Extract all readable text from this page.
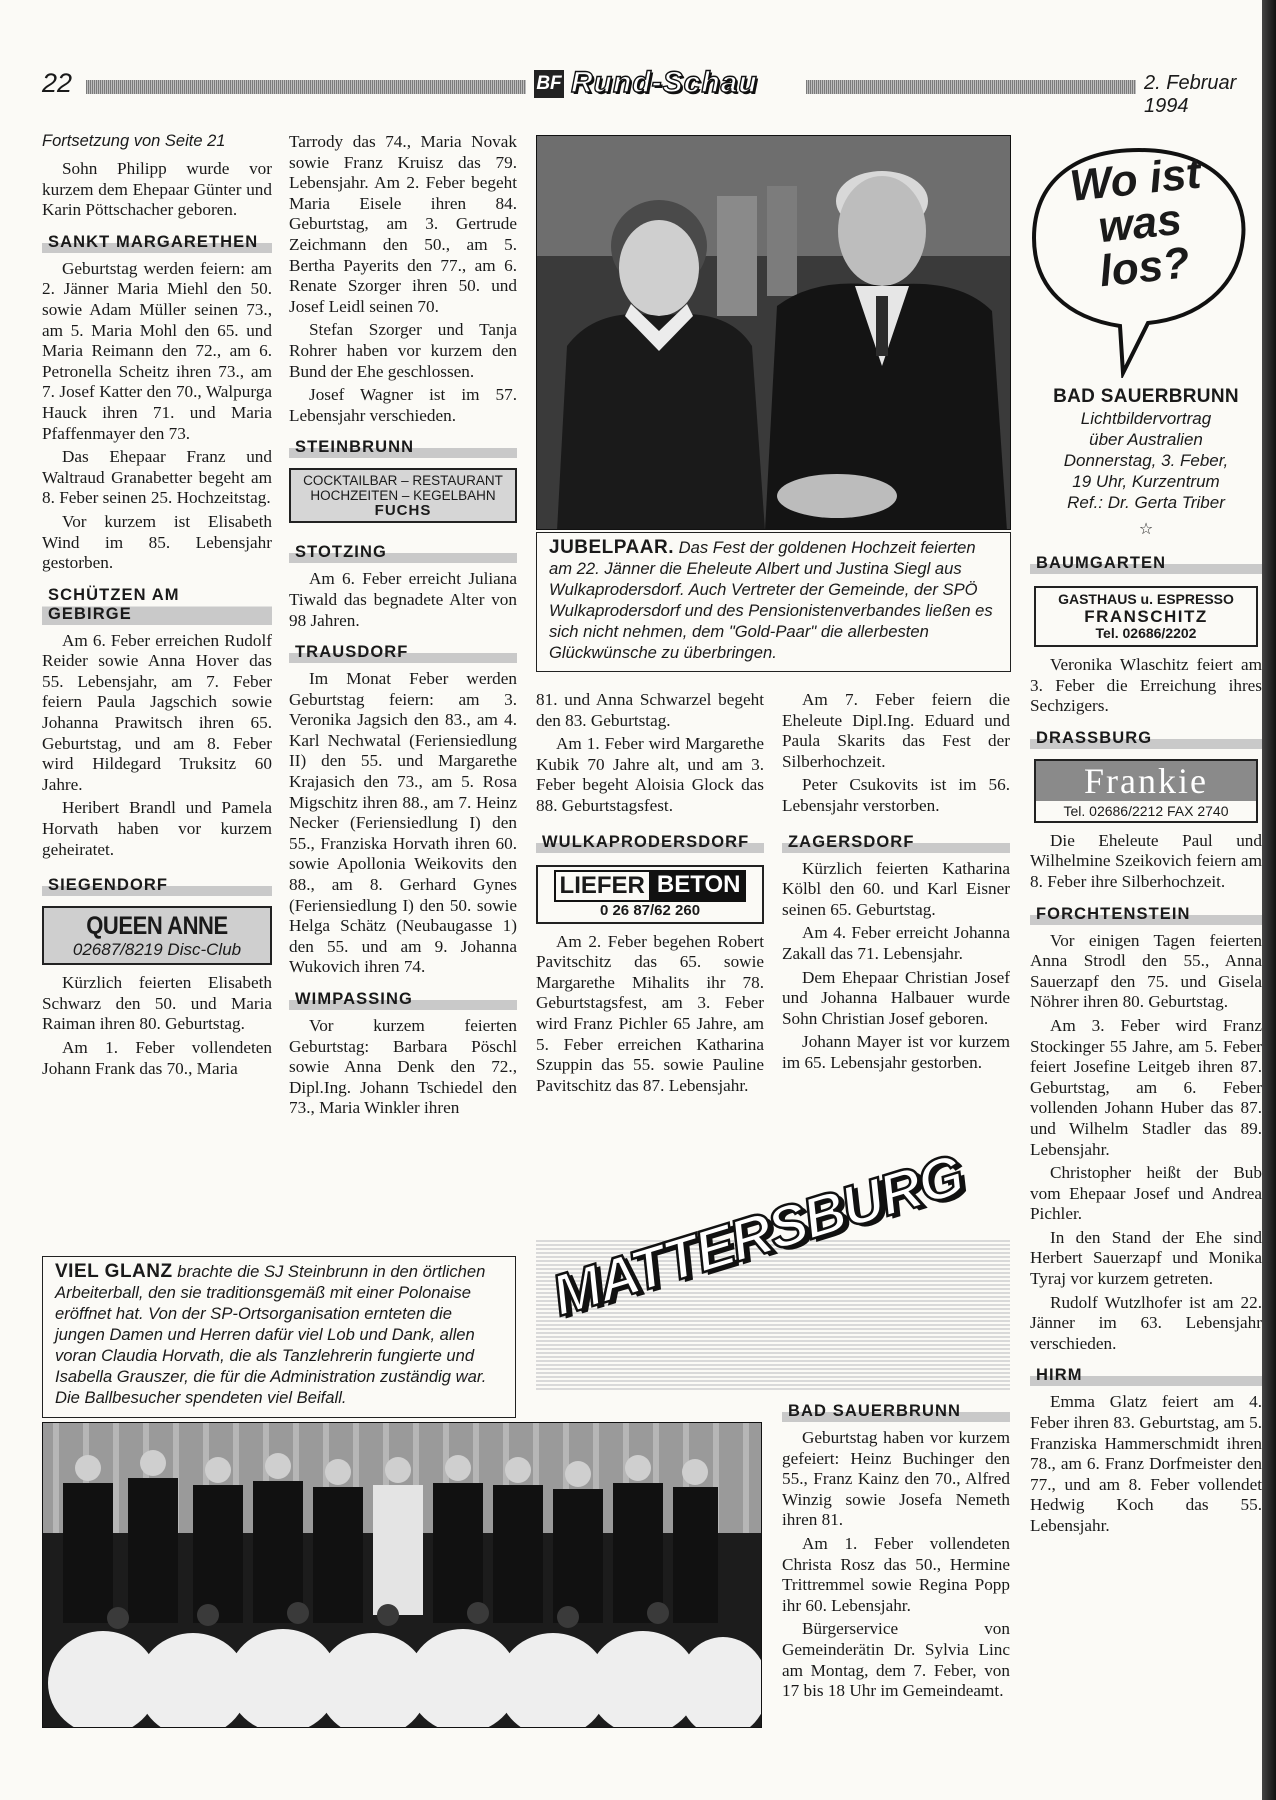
22	BF Rund-Schau	2. Februar 1994
Fortsetzung von Seite 21
Sohn Philipp wurde vor kurzem dem Ehepaar Günter und Karin Pöttschacher geboren.
SANKT MARGARETHEN
Geburtstag werden feiern: am 2. Jänner Maria Miehl den 50. sowie Adam Müller seinen 73., am 5. Maria Mohl den 65. und Maria Reimann den 72., am 6. Petronella Scheitz ihren 73., am 7. Josef Katter den 70., Walpurga Hauck ihren 71. und Maria Pfaffenmayer den 73.
Das Ehepaar Franz und Waltraud Granabetter begeht am 8. Feber seinen 25. Hochzeitstag.
Vor kurzem ist Elisabeth Wind im 85. Lebensjahr gestorben.
SCHÜTZEN AM GEBIRGE
Am 6. Feber erreichen Rudolf Reider sowie Anna Hover das 55. Lebensjahr, am 7. Feber feiern Paula Jagschich sowie Johanna Prawitsch ihren 65. Geburtstag, und am 8. Feber wird Hildegard Truksitz 60 Jahre.
Heribert Brandl und Pamela Horvath haben vor kurzem geheiratet.
SIEGENDORF
QUEEN ANNE
02687/8219 Disc-Club
Kürzlich feierten Elisabeth Schwarz den 50. und Maria Raiman ihren 80. Geburtstag.
Am 1. Feber vollendeten Johann Frank das 70., Maria
Tarrody das 74., Maria Novak sowie Franz Kruisz das 79. Lebensjahr. Am 2. Feber begeht Maria Eisele ihren 84. Geburtstag, am 3. Gertrude Zeichmann den 50., am 5. Bertha Payerits den 77., am 6. Renate Szorger ihren 50. und Josef Leidl seinen 70.
Stefan Szorger und Tanja Rohrer haben vor kurzem den Bund der Ehe geschlossen.
Josef Wagner ist im 57. Lebensjahr verschieden.
STEINBRUNN
COCKTAILBAR – RESTAURANT
HOCHZEITEN – KEGELBAHN
FUCHS
STOTZING
Am 6. Feber erreicht Juliana Tiwald das begnadete Alter von 98 Jahren.
TRAUSDORF
Im Monat Feber werden Geburtstag feiern: am 3. Veronika Jagsich den 83., am 4. Karl Nechwatal (Feriensiedlung II) den 55. und Margarethe Krajasich den 73., am 5. Rosa Migschitz ihren 88., am 7. Heinz Necker (Feriensiedlung I) den 55., Franziska Horvath ihren 60. sowie Apollonia Weikovits den 88., am 8. Gerhard Gynes (Feriensiedlung I) den 50. sowie Helga Schätz (Neubaugasse 1) den 55. und am 9. Johanna Wukovich ihren 74.
WIMPASSING
Vor kurzem feierten Geburtstag: Barbara Pöschl sowie Anna Denk den 72., Dipl.Ing. Johann Tschiedel den 73., Maria Winkler ihren
JUBELPAAR. Das Fest der goldenen Hochzeit feierten am 22. Jänner die Eheleute Albert und Justina Siegl aus Wulkaprodersdorf. Auch Vertreter der Gemeinde, der SPÖ Wulkaprodersdorf und des Pensionistenverbandes ließen es sich nicht nehmen, dem "Gold-Paar" die allerbesten Glückwünsche zu überbringen.
81. und Anna Schwarzel begeht den 83. Geburtstag.
Am 1. Feber wird Margarethe Kubik 70 Jahre alt, und am 3. Feber begeht Aloisia Glock das 88. Geburtstagsfest.
WULKAPRODERSDORF
LIEFER BETON
0 26 87/62 260
Am 2. Feber begehen Robert Pavitschitz das 65. sowie Margarethe Mihalits ihr 78. Geburtstagsfest, am 3. Feber wird Franz Pichler 65 Jahre, am 5. Feber erreichen Katharina Szuppin das 55. sowie Pauline Pavitschitz das 87. Lebensjahr.
Am 7. Feber feiern die Eheleute Dipl.Ing. Eduard und Paula Skarits das Fest der Silberhochzeit.
Peter Csukovits ist im 56. Lebensjahr verstorben.
ZAGERSDORF
Kürzlich feierten Katharina Kölbl den 60. und Karl Eisner seinen 65. Geburtstag.
Am 4. Feber erreicht Johanna Zakall das 71. Lebensjahr.
Dem Ehepaar Christian Josef und Johanna Halbauer wurde Sohn Christian Josef geboren.
Johann Mayer ist vor kurzem im 65. Lebensjahr gestorben.
VIEL GLANZ brachte die SJ Steinbrunn in den örtlichen Arbeiterball, den sie traditionsgemäß mit einer Polonaise eröffnet hat. Von der SP-Ortsorganisation ernteten die jungen Damen und Herren dafür viel Lob und Dank, allen voran Claudia Horvath, die als Tanzlehrerin fungierte und Isabella Grauszer, die für die Administration zuständig war. Die Ballbesucher spendeten viel Beifall.
MATTERSBURG
BAD SAUERBRUNN
Geburtstag haben vor kurzem gefeiert: Heinz Buchinger den 55., Franz Kainz den 70., Alfred Winzig sowie Josefa Nemeth ihren 81.
Am 1. Feber vollendeten Christa Rosz das 50., Hermine Trittremmel sowie Regina Popp ihr 60. Lebensjahr.
Bürgerservice von Gemeinderätin Dr. Sylvia Linc am Montag, dem 7. Feber, von 17 bis 18 Uhr im Gemeindeamt.
Wo ist was los?
BAD SAUERBRUNN
Lichtbildervortrag
über Australien
Donnerstag, 3. Feber,
19 Uhr, Kurzentrum
Ref.: Dr. Gerta Triber
☆
BAUMGARTEN
GASTHAUS u. ESPRESSO
FRANSCHITZ
Tel. 02686/2202
Veronika Wlaschitz feiert am 3. Feber die Erreichung ihres Sechzigers.
DRASSBURG
Frankie
Tel. 02686/2212 FAX 2740
Die Eheleute Paul und Wilhelmine Szeikovich feiern am 8. Feber ihre Silberhochzeit.
FORCHTENSTEIN
Vor einigen Tagen feierten Anna Strodl den 55., Anna Sauerzapf den 75. und Gisela Nöhrer ihren 80. Geburtstag.
Am 3. Feber wird Franz Stockinger 55 Jahre, am 5. Feber feiert Josefine Leitgeb ihren 87. Geburtstag, am 6. Feber vollenden Johann Huber das 87. und Wilhelm Stadler das 89. Lebensjahr.
Christopher heißt der Bub vom Ehepaar Josef und Andrea Pichler.
In den Stand der Ehe sind Herbert Sauerzapf und Monika Tyraj vor kurzem getreten.
Rudolf Wutzlhofer ist am 22. Jänner im 63. Lebensjahr verschieden.
HIRM
Emma Glatz feiert am 4. Feber ihren 83. Geburtstag, am 5. Franziska Hammerschmidt ihren 78., am 6. Franz Dorfmeister den 77., und am 8. Feber vollendet Hedwig Koch das 55. Lebensjahr.
